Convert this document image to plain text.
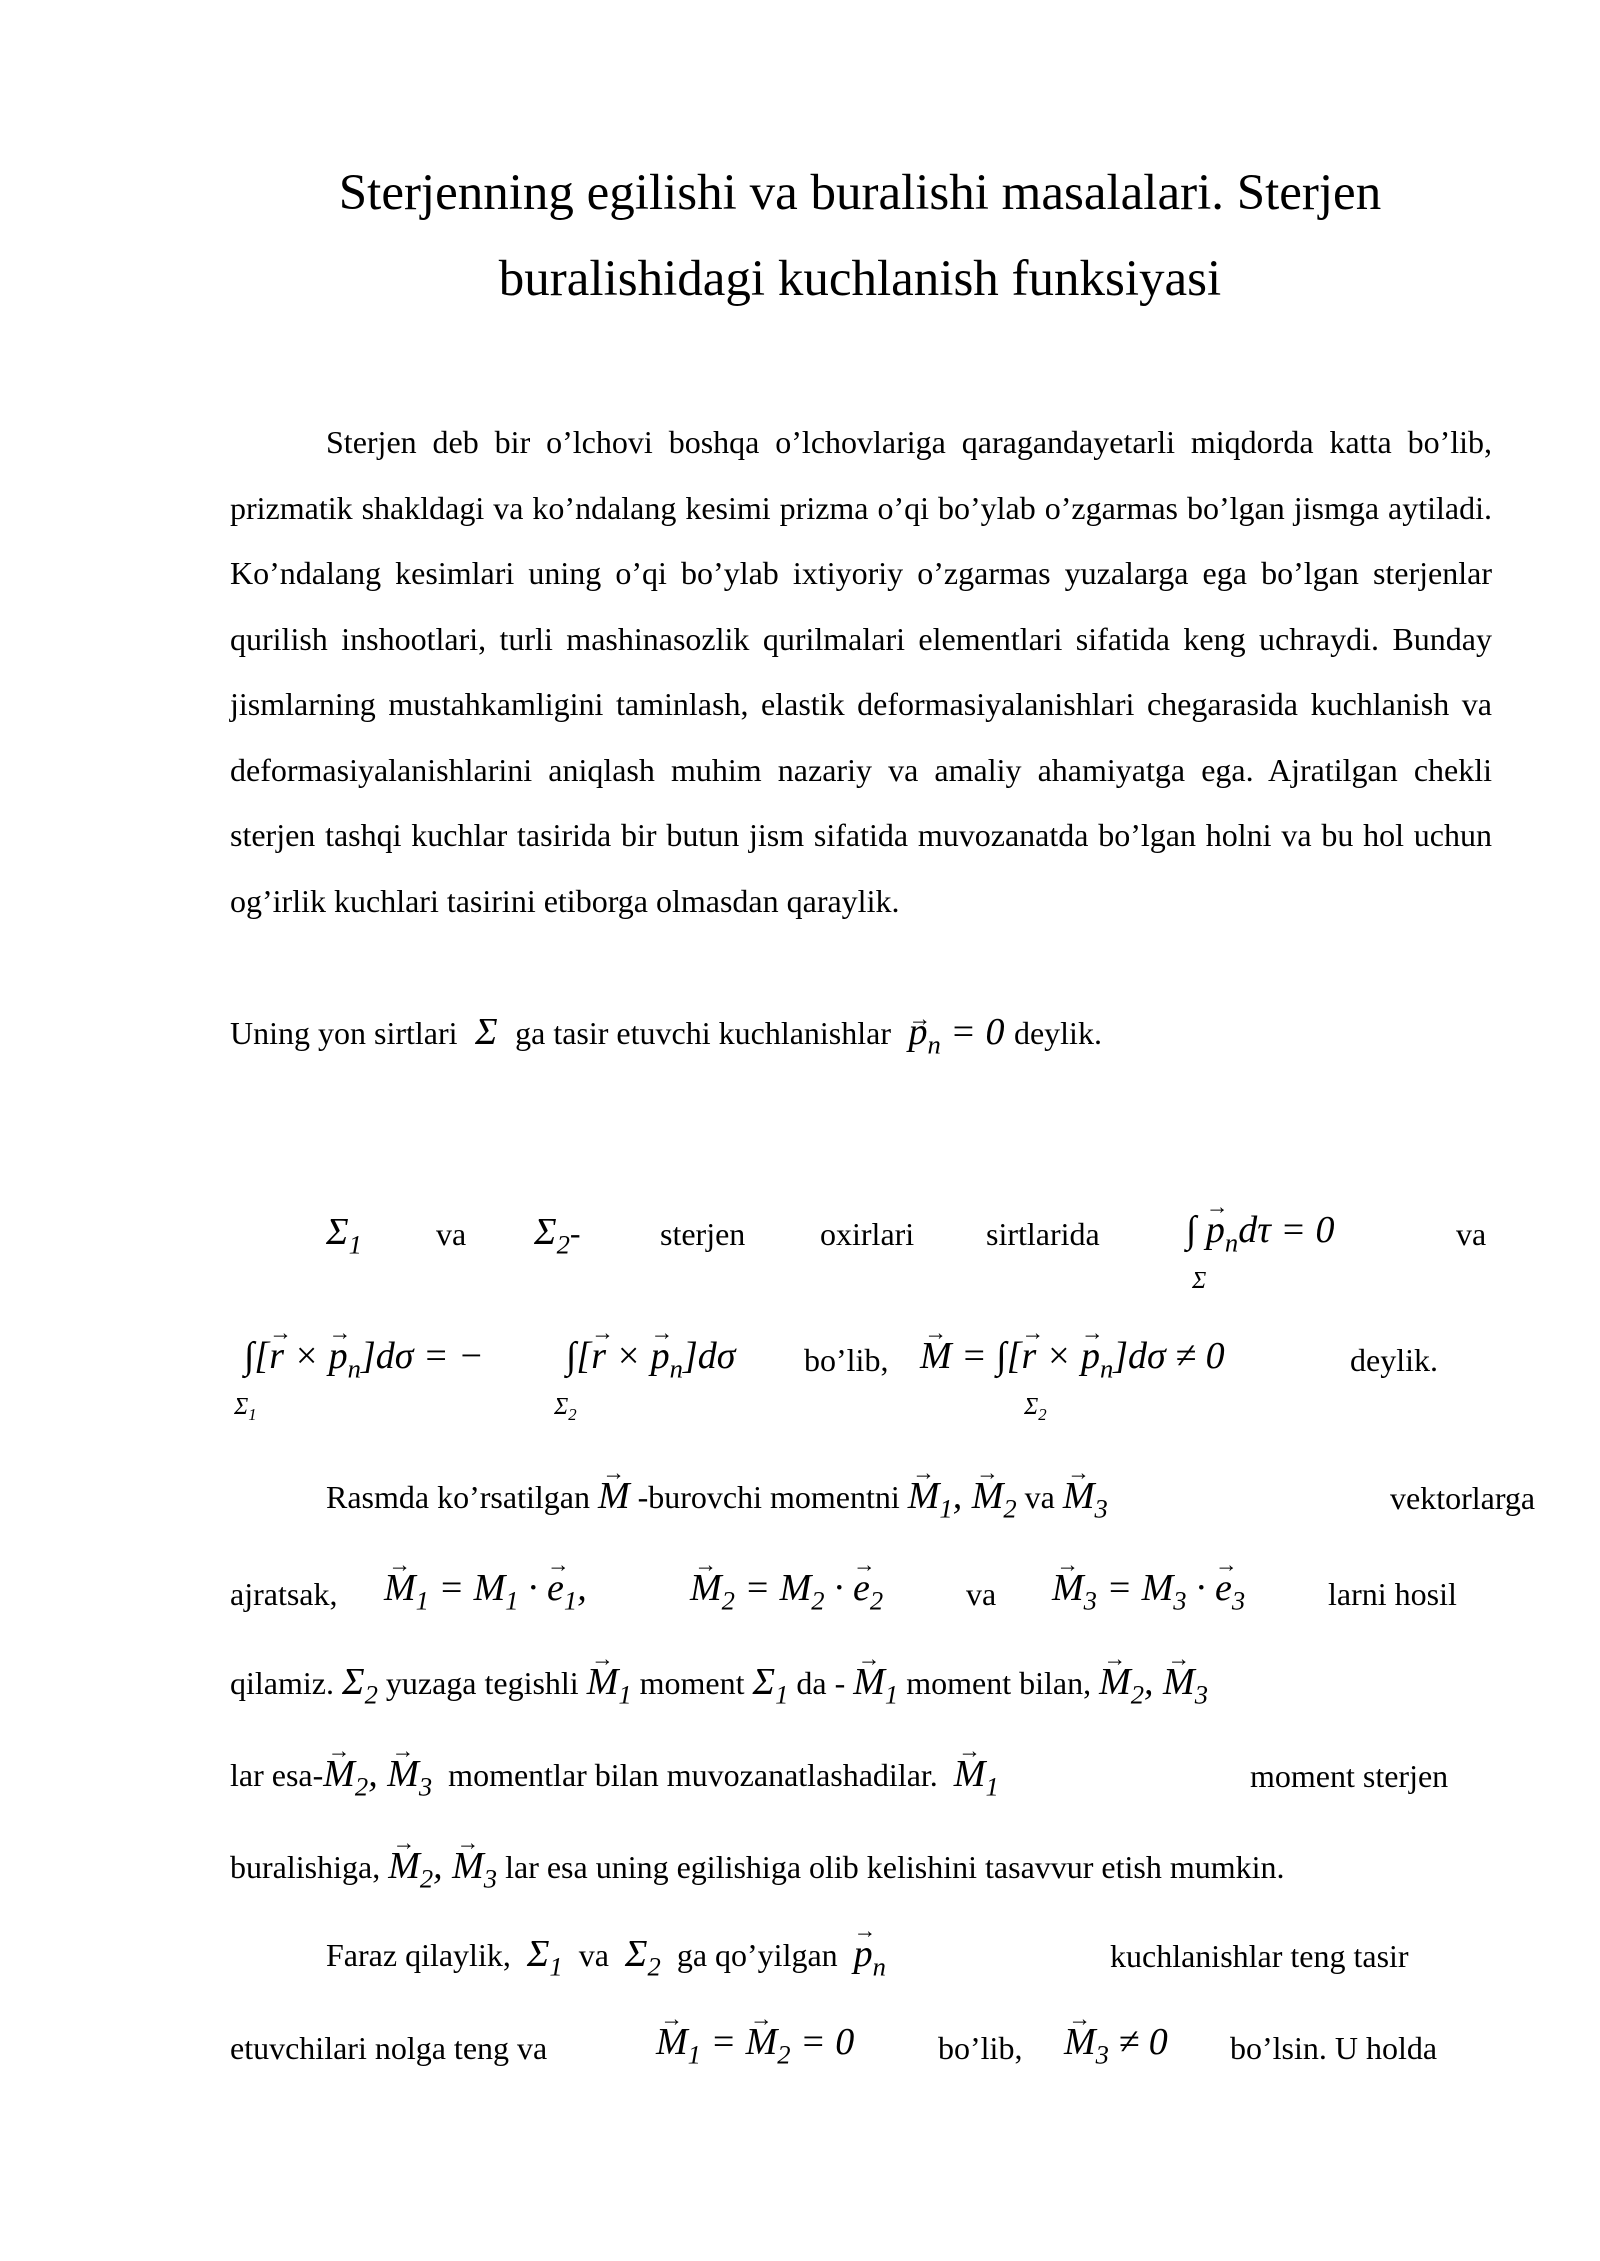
Sterjenning egilishi va buralishi masalalari. Sterjen buralishidagi kuchlanish funksiyasi

Sterjen deb bir o’lchovi boshqa o’lchovlariga qaragandayetarli miqdorda katta bo’lib, prizmatik shakldagi va ko’ndalang kesimi prizma o’qi bo’ylab o’zgarmas bo’lgan jismga aytiladi. Ko’ndalang kesimlari uning o’qi bo’ylab ixtiyoriy o’zgarmas yuzalarga ega bo’lgan sterjenlar qurilish inshootlari, turli mashinasozlik qurilmalari elementlari sifatida keng uchraydi. Bunday jismlarning mustahkamligini taminlash, elastik deformasiyalanishlari chegarasida kuchlanish va deformasiyalanishlarini aniqlash muhim nazariy va amaliy ahamiyatga ega. Ajratilgan chekli sterjen tashqi kuchlar tasirida bir butun jism sifatida muvozanatda bo’lgan holni va bu hol uchun og’irlik kuchlari tasirini etiborga olmasdan qaraylik.

Uning yon sirtlari  Σ  ga tasir etuvchi kuchlanishlar → $p_n = 0$ deylik.
$\Sigma_1$ va $\Sigma_2-$ sterjen oxirlari sirtlarida ∫ → $p_nd\tau = 0$
Σ
va
∫[→ r × → $p_n]d\sigma$ = −
$\Sigma_1$
∫[→ r × → $p_n]d\sigma$
$\Sigma_2$
bo’lib, → M = ∫[→ r × → $p_n]d\sigma \ne 0$
$\Sigma_2$
deylik.
Rasmda ko’rsatilgan → M -burovchi momentni → $M_1$, → $M_2$ va → $M_3$	vektorlarga
ajratsak, → $M_1 = M_1$ · → $e_1$,	→ $M_2 = M_2$ · → $e_2$	va → $M_3 = M_3$ · → $e_3$	larni hosil
qilamiz. $\Sigma_2$ yuzaga tegishli → $M_1$ moment $\Sigma_1$ da - → $M_1$ moment bilan, → $M_2$, → $M_3$
lar $esa-\to M_2$, → $M_3$ momentlar bilan muvozanatlashadilar. → $M_1$	moment sterjen
buralishiga, → $M_2$, → $M_3$ lar esa uning egilishiga olib kelishini tasavvur etish mumkin.
Faraz qilaylik, $\Sigma_1$ va $\Sigma_2$ ga qo’yilgan → $p_n$	kuchlanishlar teng tasir
etuvchilari nolga teng va	→ $M_1$ = → $M_2 = 0$	bo’lib, → $M_3 \ne 0$ bo’lsin. U holda
